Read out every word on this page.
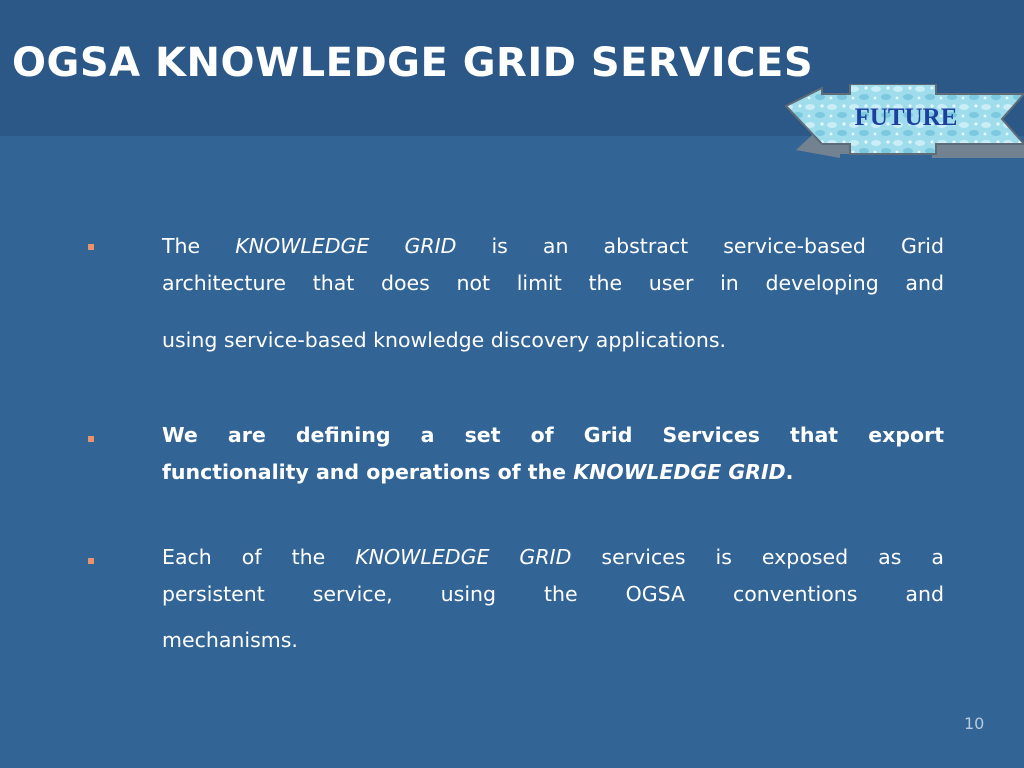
OGSA KNOWLEDGE GRID SERVICES
FUTURE
The KNOWLEDGE GRID is an abstract service-based Grid
architecture that does not limit the user in developing and
using service-based knowledge discovery applications.
We are defining a set of Grid Services that export
functionality and operations of the KNOWLEDGE GRID.
Each of the KNOWLEDGE GRID services is exposed as a
persistent service, using the OGSA conventions and
mechanisms.
10
